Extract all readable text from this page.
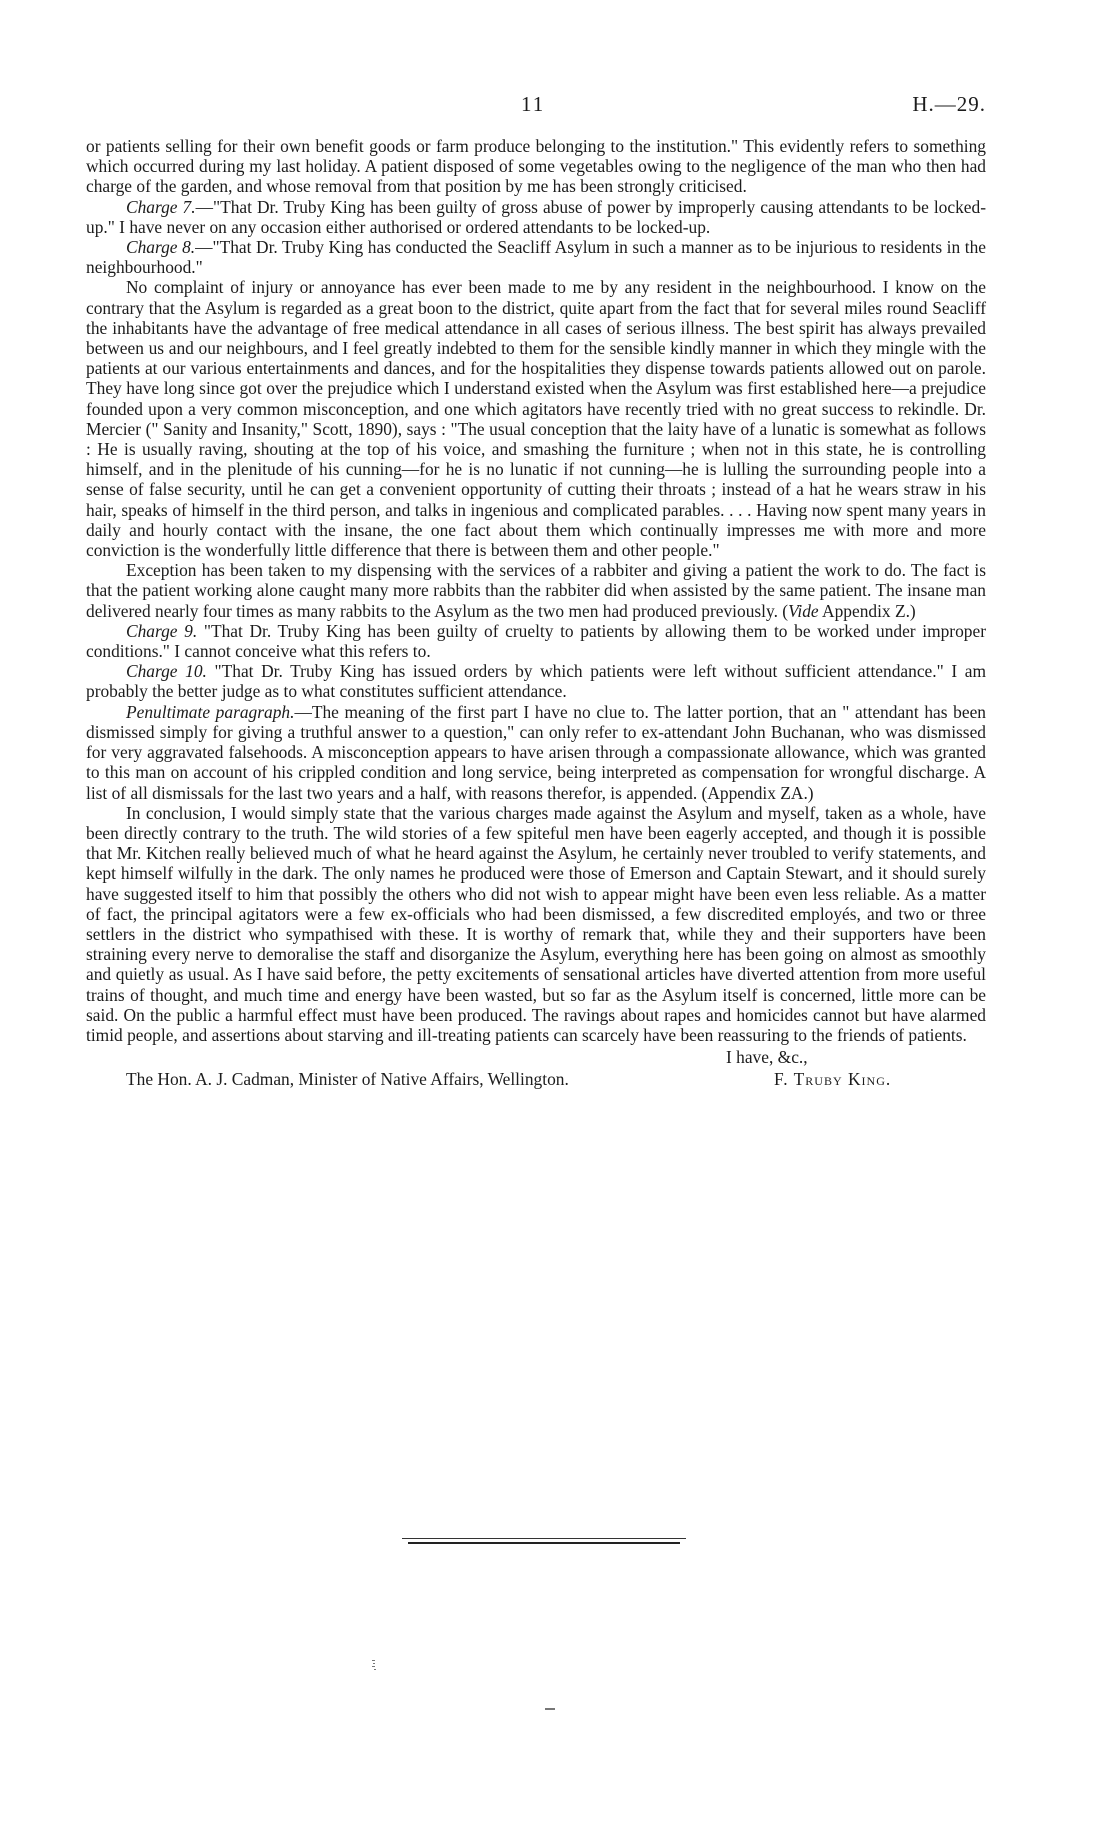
11	H.—29.

or patients selling for their own benefit goods or farm produce belonging to the institution." This evidently refers to something which occurred during my last holiday. A patient disposed of some vegetables owing to the negligence of the man who then had charge of the garden, and whose removal from that position by me has been strongly criticised.

Charge 7.—"That Dr. Truby King has been guilty of gross abuse of power by improperly causing attendants to be locked-up." I have never on any occasion either authorised or ordered attendants to be locked-up.

Charge 8.—"That Dr. Truby King has conducted the Seacliff Asylum in such a manner as to be injurious to residents in the neighbourhood."

No complaint of injury or annoyance has ever been made to me by any resident in the neighbourhood. I know on the contrary that the Asylum is regarded as a great boon to the district, quite apart from the fact that for several miles round Seacliff the inhabitants have the advantage of free medical attendance in all cases of serious illness. The best spirit has always prevailed between us and our neighbours, and I feel greatly indebted to them for the sensible kindly manner in which they mingle with the patients at our various entertainments and dances, and for the hospitalities they dispense towards patients allowed out on parole. They have long since got over the prejudice which I understand existed when the Asylum was first established here—a prejudice founded upon a very common misconception, and one which agitators have recently tried with no great success to rekindle. Dr. Mercier (" Sanity and Insanity," Scott, 1890), says : "The usual conception that the laity have of a lunatic is somewhat as follows : He is usually raving, shouting at the top of his voice, and smashing the furniture ; when not in this state, he is controlling himself, and in the plenitude of his cunning—for he is no lunatic if not cunning—he is lulling the surrounding people into a sense of false security, until he can get a convenient opportunity of cutting their throats ; instead of a hat he wears straw in his hair, speaks of himself in the third person, and talks in ingenious and complicated parables. . . . Having now spent many years in daily and hourly contact with the insane, the one fact about them which continually impresses me with more and more conviction is the wonderfully little difference that there is between them and other people."

Exception has been taken to my dispensing with the services of a rabbiter and giving a patient the work to do. The fact is that the patient working alone caught many more rabbits than the rabbiter did when assisted by the same patient. The insane man delivered nearly four times as many rabbits to the Asylum as the two men had produced previously. (Vide Appendix Z.)

Charge 9. "That Dr. Truby King has been guilty of cruelty to patients by allowing them to be worked under improper conditions." I cannot conceive what this refers to.

Charge 10. "That Dr. Truby King has issued orders by which patients were left without sufficient attendance." I am probably the better judge as to what constitutes sufficient attendance.

Penultimate paragraph.—The meaning of the first part I have no clue to. The latter portion, that an " attendant has been dismissed simply for giving a truthful answer to a question," can only refer to ex-attendant John Buchanan, who was dismissed for very aggravated falsehoods. A misconception appears to have arisen through a compassionate allowance, which was granted to this man on account of his crippled condition and long service, being interpreted as compensation for wrongful discharge. A list of all dismissals for the last two years and a half, with reasons therefor, is appended. (Appendix ZA.)

In conclusion, I would simply state that the various charges made against the Asylum and myself, taken as a whole, have been directly contrary to the truth. The wild stories of a few spiteful men have been eagerly accepted, and though it is possible that Mr. Kitchen really believed much of what he heard against the Asylum, he certainly never troubled to verify statements, and kept himself wilfully in the dark. The only names he produced were those of Emerson and Captain Stewart, and it should surely have suggested itself to him that possibly the others who did not wish to appear might have been even less reliable. As a matter of fact, the principal agitators were a few ex-officials who had been dismissed, a few discredited employés, and two or three settlers in the district who sympathised with these. It is worthy of remark that, while they and their supporters have been straining every nerve to demoralise the staff and disorganize the Asylum, everything here has been going on almost as smoothly and quietly as usual. As I have said before, the petty excitements of sensational articles have diverted attention from more useful trains of thought, and much time and energy have been wasted, but so far as the Asylum itself is concerned, little more can be said. On the public a harmful effect must have been produced. The ravings about rapes and homicides cannot but have alarmed timid people, and assertions about starving and ill-treating patients can scarcely have been reassuring to the friends of patients.

I have, &c.,
The Hon. A. J. Cadman, Minister of Native Affairs, Wellington.	F. Truby King.
